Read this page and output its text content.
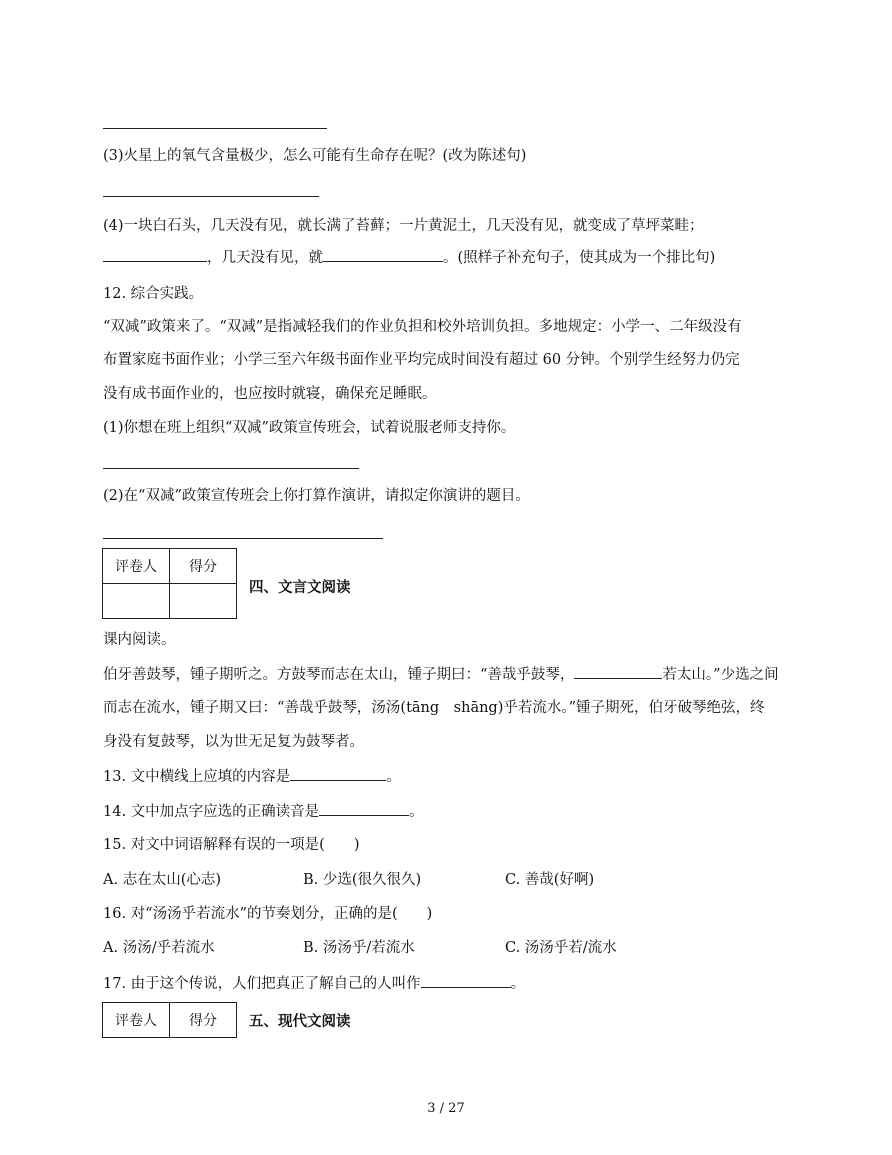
(3)火星上的氧气含量极少，怎么可能有生命存在呢？(改为陈述句)
(4)一块白石头，几天没有见，就长满了苔藓；一片黄泥土，几天没有见，就变成了草坪菜畦；
，几天没有见，就	。(照样子补充句子，使其成为一个排比句)
12. 综合实践。
“双减”政策来了。“双减”是指减轻我们的作业负担和校外培训负担。多地规定：小学一、二年级没有
布置家庭书面作业；小学三至六年级书面作业平均完成时间没有超过 60 分钟。个别学生经努力仍完
没有成书面作业的，也应按时就寝，确保充足睡眠。
(1)你想在班上组织“双减”政策宣传班会，试着说服老师支持你。
(2)在“双减”政策宣传班会上你打算作演讲，请拟定你演讲的题目。
评卷人	得分

四、文言文阅读
课内阅读。
伯牙善鼓琴，锺子期听之。方鼓琴而志在太山，锺子期曰：“善哉乎鼓琴，	若太山。”少选之间
而志在流水，锺子期又曰：“善哉乎鼓琴，汤汤(tāng　shāng)乎若流水。”锺子期死，伯牙破琴绝弦，终
身没有复鼓琴，以为世无足复为鼓琴者。
13. 文中横线上应填的内容是	。
14. 文中加点字应选的正确读音是	。
15. 对文中词语解释有误的一项是(　　)
A. 志在太山(心志)	B. 少选(很久很久)	C. 善哉(好啊)
16. 对“汤汤乎若流水”的节奏划分，正确的是(　　)
A. 汤汤/乎若流水	B. 汤汤乎/若流水	C. 汤汤乎若/流水
17. 由于这个传说，人们把真正了解自己的人叫作	。
评卷人	得分 五、现代文阅读
3 / 27
